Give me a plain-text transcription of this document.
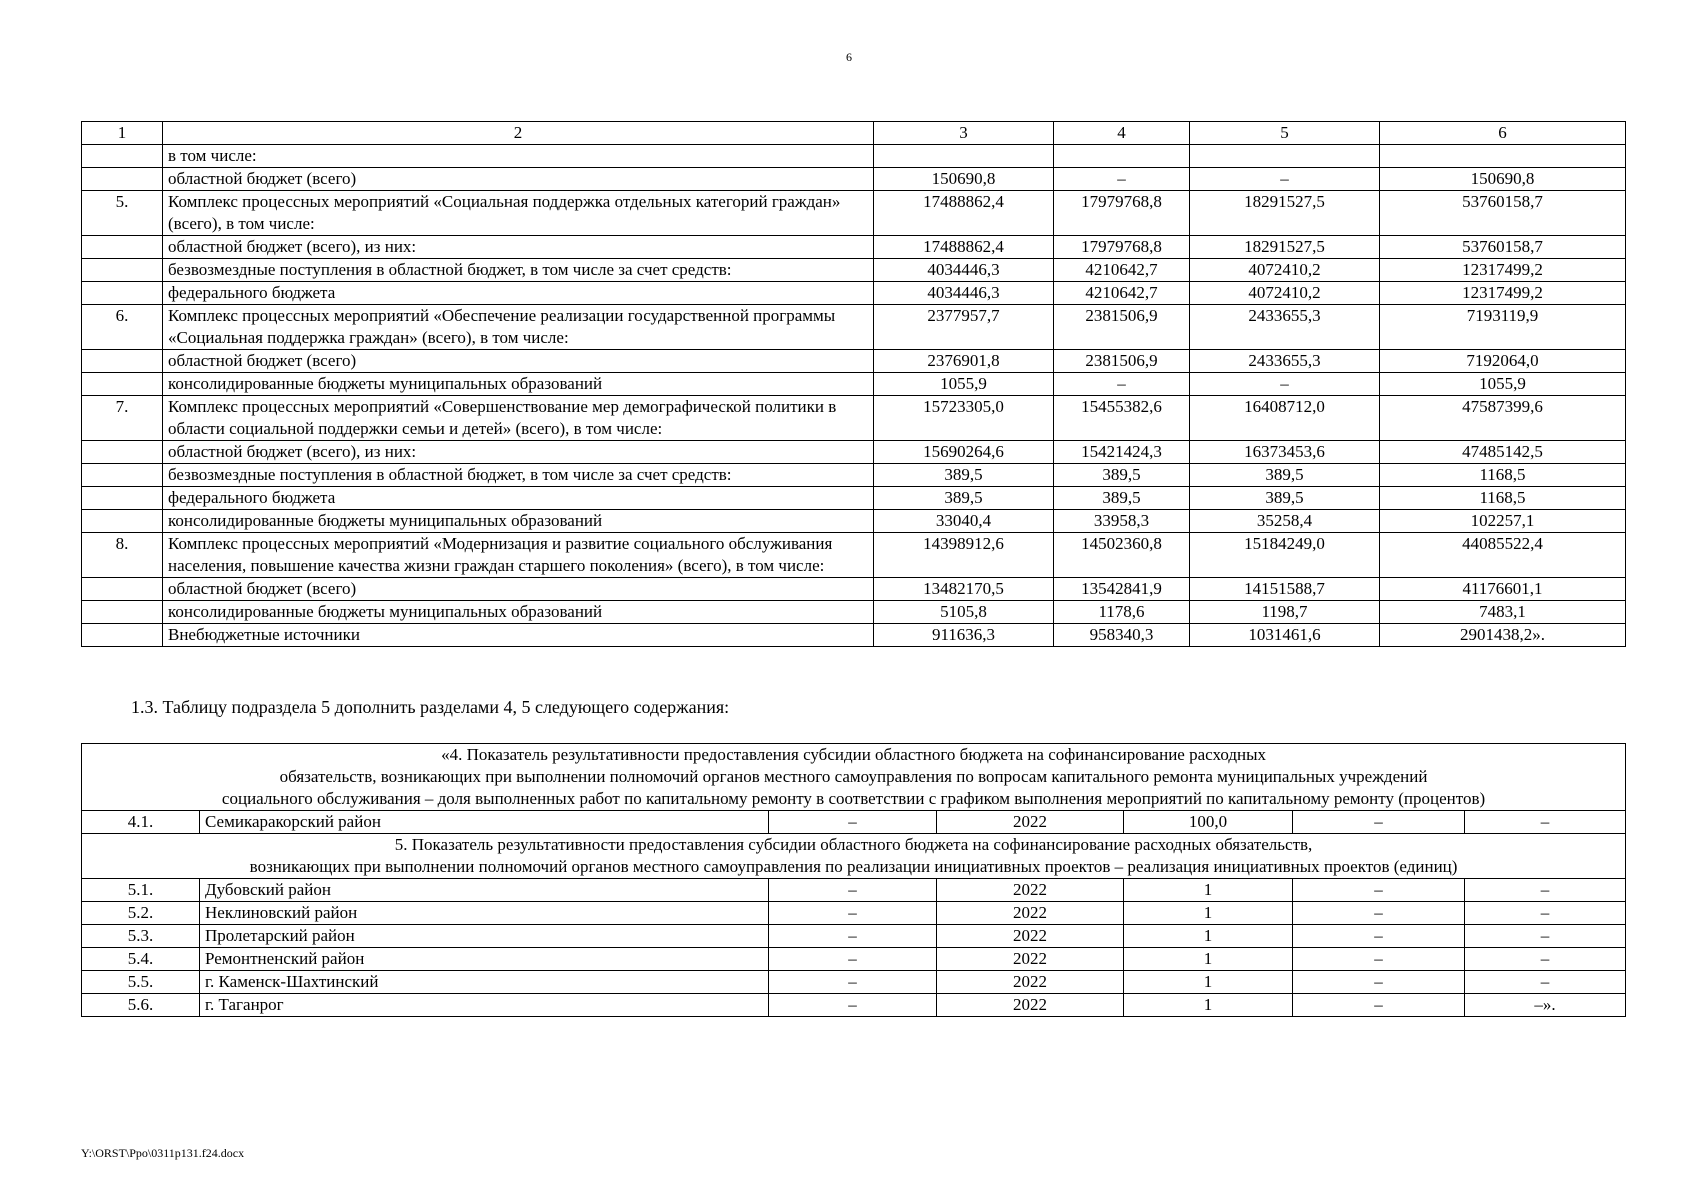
6
1	2	3	4	5	6
	в том числе:				
	областной бюджет (всего)	150690,8	–	–	150690,8
5.	Комплекс процессных мероприятий «Социальная поддержка отдельных категорий граждан» (всего), в том числе:	17488862,4	17979768,8	18291527,5	53760158,7
	областной бюджет (всего), из них:	17488862,4	17979768,8	18291527,5	53760158,7
	безвозмездные поступления в областной бюджет, в том числе за счет средств:	4034446,3	4210642,7	4072410,2	12317499,2
	федерального бюджета	4034446,3	4210642,7	4072410,2	12317499,2
6.	Комплекс процессных мероприятий «Обеспечение реализации государственной программы «Социальная поддержка граждан» (всего), в том числе:	2377957,7	2381506,9	2433655,3	7193119,9
	областной бюджет (всего)	2376901,8	2381506,9	2433655,3	7192064,0
	консолидированные бюджеты муниципальных образований	1055,9	–	–	1055,9
7.	Комплекс процессных мероприятий «Совершенствование мер демографической политики в области социальной поддержки семьи и детей» (всего), в том числе:	15723305,0	15455382,6	16408712,0	47587399,6
	областной бюджет (всего), из них:	15690264,6	15421424,3	16373453,6	47485142,5
	безвозмездные поступления в областной бюджет, в том числе за счет средств:	389,5	389,5	389,5	1168,5
	федерального бюджета	389,5	389,5	389,5	1168,5
	консолидированные бюджеты муниципальных образований	33040,4	33958,3	35258,4	102257,1
8.	Комплекс процессных мероприятий «Модернизация и развитие социального обслуживания населения, повышение качества жизни граждан старшего поколения» (всего), в том числе:	14398912,6	14502360,8	15184249,0	44085522,4
	областной бюджет (всего)	13482170,5	13542841,9	14151588,7	41176601,1
	консолидированные бюджеты муниципальных образований	5105,8	1178,6	1198,7	7483,1
	Внебюджетные источники	911636,3	958340,3	1031461,6	2901438,2».
1.3. Таблицу подраздела 5 дополнить разделами 4, 5 следующего содержания:
«4. Показатель результативности предоставления субсидии областного бюджета на софинансирование расходных
обязательств, возникающих при выполнении полномочий органов местного самоуправления по вопросам капитального ремонта муниципальных учреждений
социального обслуживания – доля выполненных работ по капитальному ремонту в соответствии с графиком выполнения мероприятий по капитальному ремонту (процентов)						

4.1.	Семикаракорский район	–	2022	100,0	–	–

5. Показатель результативности предоставления субсидии областного бюджета на софинансирование расходных обязательств,
возникающих при выполнении полномочий органов местного самоуправления по реализации инициативных проектов – реализация инициативных проектов (единиц)						

5.1.	Дубовский район	–	2022	1	–	–
5.2.	Неклиновский район	–	2022	1	–	–
5.3.	Пролетарский район	–	2022	1	–	–
5.4.	Ремонтненский район	–	2022	1	–	–
5.5.	г. Каменск-Шахтинский	–	2022	1	–	–
5.6.	г. Таганрог	–	2022	1	–	–».
Y:\ORST\Ppo\0311p131.f24.docx
